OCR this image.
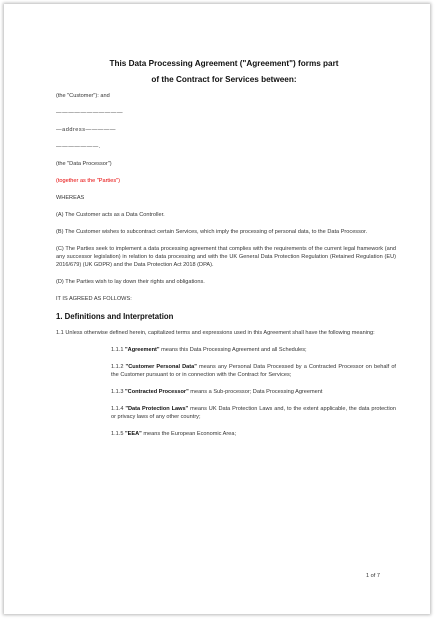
This Data Processing Agreement ("Agreement") forms part
of the Contract for Services between:

(the "Customer"): and

———————————

—address—————

———————.

(the "Data Processor")

(together as the "Parties")

WHEREAS

(A) The Customer acts as a Data Controller.

(B) The Customer wishes to subcontract certain Services, which imply the processing of personal data, to the Data Processor.

(C) The Parties seek to implement a data processing agreement that complies with the requirements of the current legal framework (and any successor legislation) in relation to data processing and with the UK General Data Protection Regulation (Retained Regulation (EU) 2016/679) (UK GDPR) and the Data Protection Act 2018 (DPA).

(D) The Parties wish to lay down their rights and obligations.

IT IS AGREED AS FOLLOWS:

1. Definitions and Interpretation

1.1 Unless otherwise defined herein, capitalized terms and expressions used in this Agreement shall have the following meaning:

1.1.1 "Agreement" means this Data Processing Agreement and all Schedules;

1.1.2 "Customer Personal Data" means any Personal Data Processed by a Contracted Processor on behalf of the Customer pursuant to or in connection with the Contract for Services;

1.1.3 "Contracted Processor" means a Sub-processor; Data Processing Agreement

1.1.4 "Data Protection Laws" means UK Data Protection Laws and, to the extent applicable, the data protection or privacy laws of any other country;

1.1.5 "EEA" means the European Economic Area;

1 of 7
